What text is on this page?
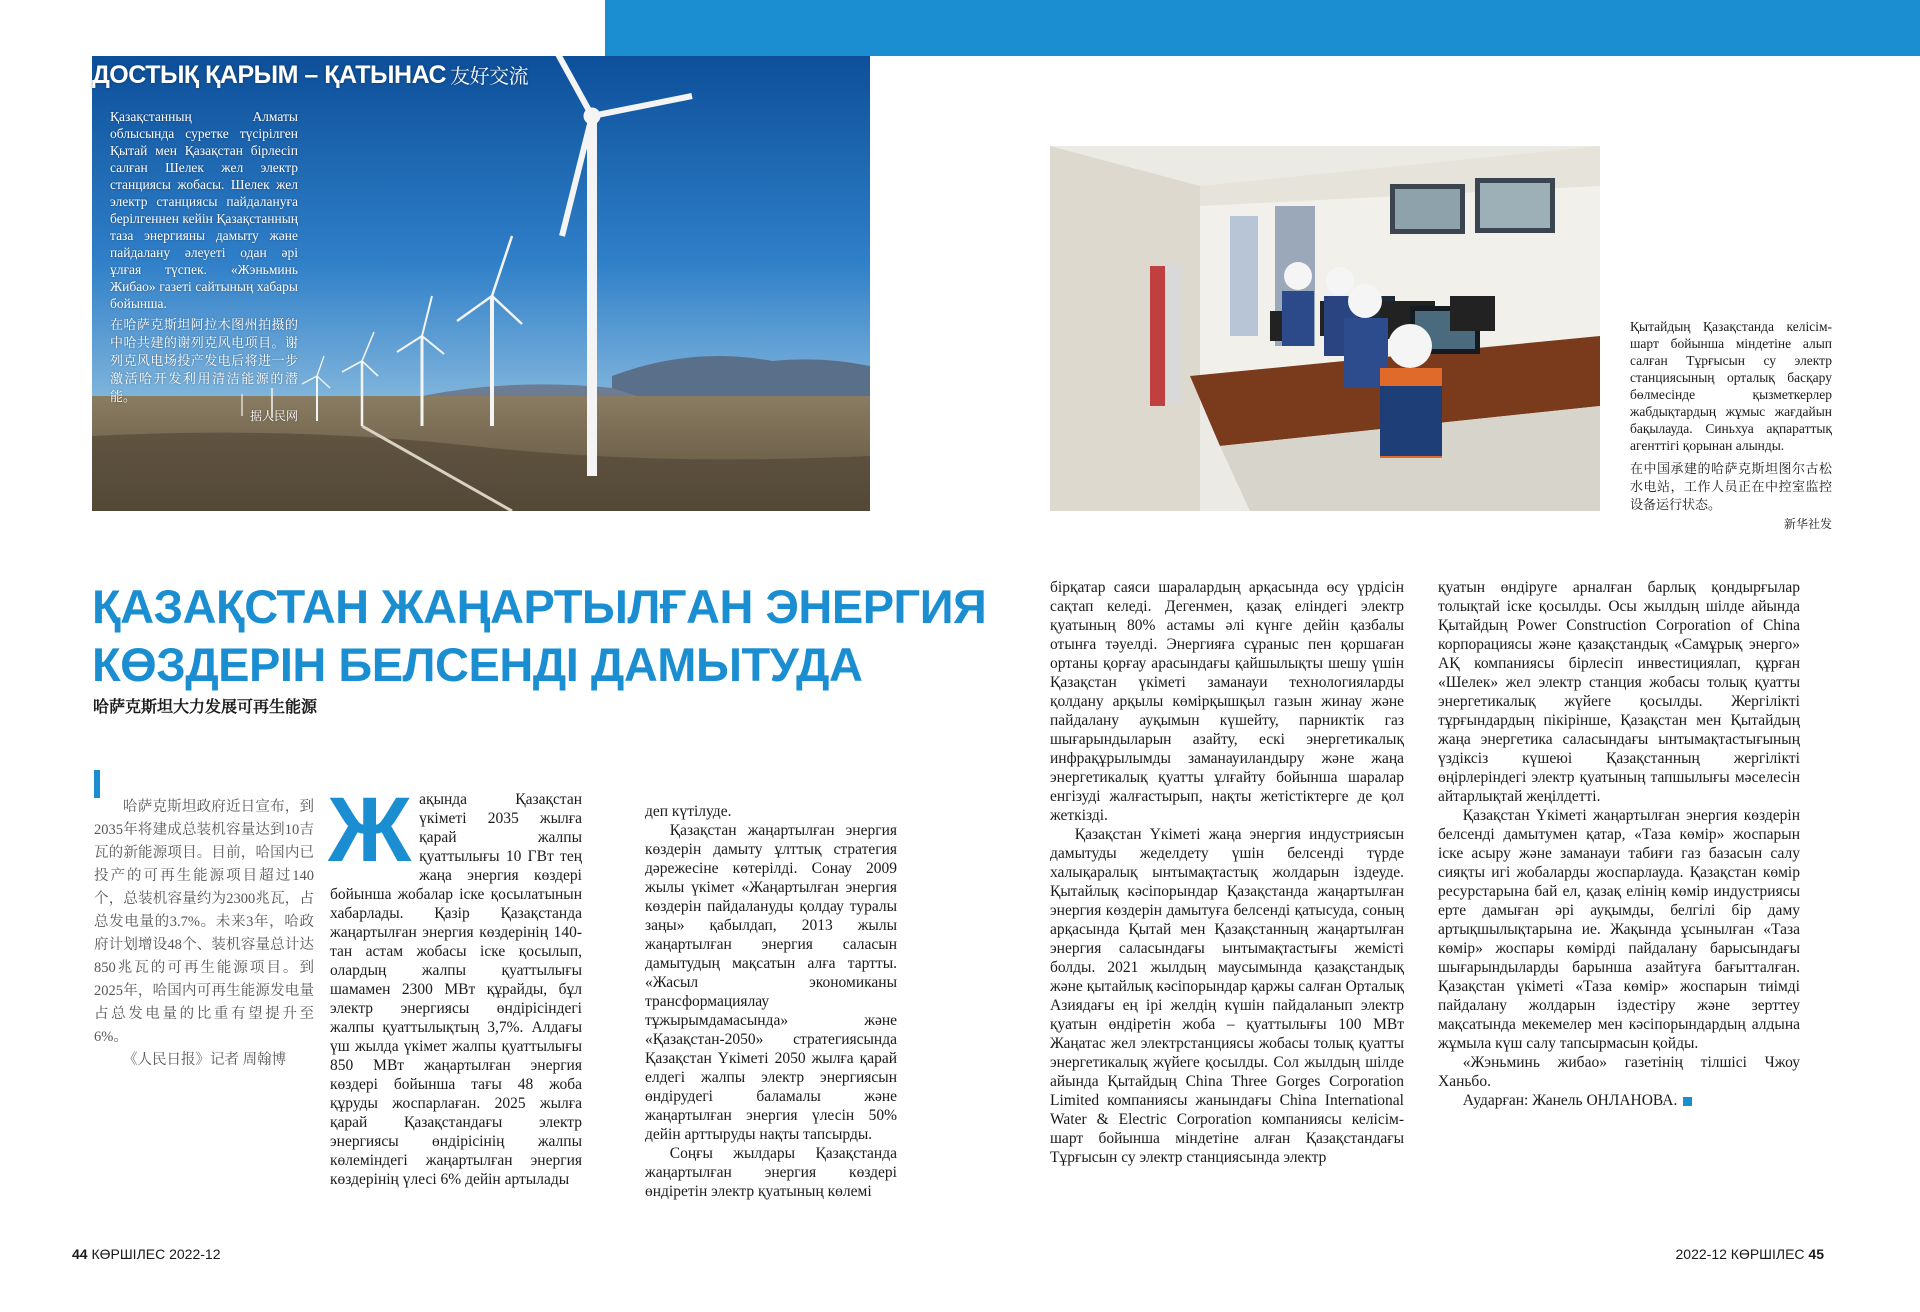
ДОСТЫҚ ҚАРЫМ – ҚАТЫНАС 友好交流
Қазақстанның Алматы облысында суретке түсірілген Қытай мен Қазақстан бірлесіп салған Шелек жел электр станциясы жобасы. Шелек жел электр станциясы пайдалануға берілгеннен кейін Қазақстанның таза энергияны дамыту және пайдалану әлеуеті одан әрі ұлғая түспек. «Жэньминь Жибао» газеті сайтының хабары бойынша.
在哈萨克斯坦阿拉木图州拍摄的中哈共建的谢列克风电项目。谢列克风电场投产发电后将进一步激活哈开发利用清洁能源的潜能。
据人民网
Қытайдың Қазақстанда келісім-шарт бойынша міндетіне алып салған Тұрғысын су электр станциясының орталық басқару бөлмесінде қызметкерлер жабдықтардың жұмыс жағдайын бақылауда. Синьхуа ақпараттық агенттігі қорынан алынды.
在中国承建的哈萨克斯坦图尔古松水电站，工作人员正在中控室监控设备运行状态。
新华社发
ҚАЗАҚСТАН ЖАҢАРТЫЛҒАН ЭНЕРГИЯ
КӨЗДЕРІН БЕЛСЕНДІ ДАМЫТУДА
哈萨克斯坦大力发展可再生能源

哈萨克斯坦政府近日宣布，到2035年将建成总装机容量达到10吉瓦的新能源项目。目前，哈国内已投产的可再生能源项目超过140个，总装机容量约为2300兆瓦，占总发电量的3.7%。未来3年，哈政府计划增设48个、装机容量总计达850兆瓦的可再生能源项目。到2025年，哈国内可再生能源发电量占总发电量的比重有望提升至6%。

《人民日报》记者 周翰博

Ж ақында Қазақстан үкіметі 2035 жылға қарай жалпы қуаттылығы 10 ГВт тең жаңа энергия көздері бойынша жобалар іске қосылатынын хабарлады. Қазір Қазақстанда жаңартылған энергия көздерінің 140-тан астам жобасы іске қосылып, олардың жалпы қуаттылығы шамамен 2300 МВт құрайды, бұл электр энергиясы өндірісіндегі жалпы қуаттылықтың 3,7%. Алдағы үш жылда үкімет жалпы қуаттылығы 850 МВт жаңартылған энергия көздері бойынша тағы 48 жоба құруды жоспарлаған. 2025 жылға қарай Қазақстандағы электр энергиясы өндірісінің жалпы көлеміндегі жаңартылған энергия көздерінің үлесі 6% дейін артылады

деп күтілуде.

Қазақстан жаңартылған энергия көздерін дамыту ұлттық стратегия дәрежесіне көтерілді. Сонау 2009 жылы үкімет «Жаңартылған энергия көздерін пайдалануды қолдау туралы заңы» қабылдап, 2013 жылы жаңартылған энергия саласын дамытудың мақсатын алға тартты. «Жасыл экономиканы трансформациялау тұжырымдамасында» және «Қазақстан-2050» стратегиясында Қазақстан Үкіметі 2050 жылға қарай елдегі жалпы электр энергиясын өндірудегі баламалы және жаңартылған энергия үлесін 50% дейін арттыруды нақты тапсырды.

Соңғы жылдары Қазақстанда жаңартылған энергия көздері өндіретін электр қуатының көлемі

бірқатар саяси шаралардың арқасында өсу үрдісін сақтап келеді. Дегенмен, қазақ еліндегі электр қуатының 80% астамы әлі күнге дейін қазбалы отынға тәуелді. Энергияға сұраныс пен қоршаған ортаны қорғау арасындағы қайшылықты шешу үшін Қазақстан үкіметі заманауи технологияларды қолдану арқылы көмірқышқыл газын жинау және пайдалану ауқымын күшейту, парниктік газ шығарындыларын азайту, ескі энергетикалық инфрақұрылымды заманауиландыру және жаңа энергетикалық қуатты ұлғайту бойынша шаралар енгізуді жалғастырып, нақты жетістіктерге де қол жеткізді.

Қазақстан Үкіметі жаңа энергия индустриясын дамытуды жеделдету үшін белсенді түрде халықаралық ынтымақтастық жолдарын іздеуде. Қытайлық кәсіпорындар Қазақстанда жаңартылған энергия көздерін дамытуға белсенді қатысуда, соның арқасында Қытай мен Қазақстанның жаңартылған энергия саласындағы ынтымақтастығы жемісті болды. 2021 жылдың маусымында қазақстандық және қытайлық кәсіпорындар қаржы салған Орталық Азиядағы ең ірі желдің күшін пайдаланып электр қуатын өндіретін жоба – қуаттылығы 100 МВт Жаңатас жел электрстанциясы жобасы толық қуатты энергетикалық жүйеге қосылды. Сол жылдың шілде айында Қытайдың China Three Gorges Corporation Limited компаниясы жанындағы China International Water & Electric Corporation компаниясы келісім-шарт бойынша міндетіне алған Қазақстандағы Тұрғысын су электр станциясында электр

қуатын өндіруге арналған барлық қондырғылар толықтай іске қосылды. Осы жылдың шілде айында Қытайдың Power Construction Corporation of China корпорациясы және қазақстандық «Самұрық энерго» АҚ компаниясы бірлесіп инвестициялап, құрған «Шелек» жел электр станция жобасы толық қуатты энергетикалық жүйеге қосылды. Жергілікті тұрғындардың пікірінше, Қазақстан мен Қытайдың жаңа энергетика саласындағы ынтымақтастығының үздіксіз күшеюі Қазақстанның жергілікті өңірлеріндегі электр қуатының тапшылығы мәселесін айтарлықтай жеңілдетті.

Қазақстан Үкіметі жаңартылған энергия көздерін белсенді дамытумен қатар, «Таза көмір» жоспарын іске асыру және заманауи табиғи газ базасын салу сияқты игі жобаларды жоспарлауда. Қазақстан көмір ресурстарына бай ел, қазақ елінің көмір индустриясы ерте дамыған әрі ауқымды, белгілі бір даму артықшылықтарына ие. Жақында ұсынылған «Таза көмір» жоспары көмірді пайдалану барысындағы шығарындыларды барынша азайтуға бағытталған. Қазақстан үкіметі «Таза көмір» жоспарын тиімді пайдалану жолдарын іздестіру және зерттеу мақсатында мекемелер мен кәсіпорындардың алдына жұмыла күш салу тапсырмасын қойды.

«Жэньминь жибао» газетінің тілшісі Чжоу Ханьбо.

Аударған: Жанель ОНЛАНОВА.

44 КӨРШІЛЕС 2022-12	2022-12 КӨРШІЛЕС 45
